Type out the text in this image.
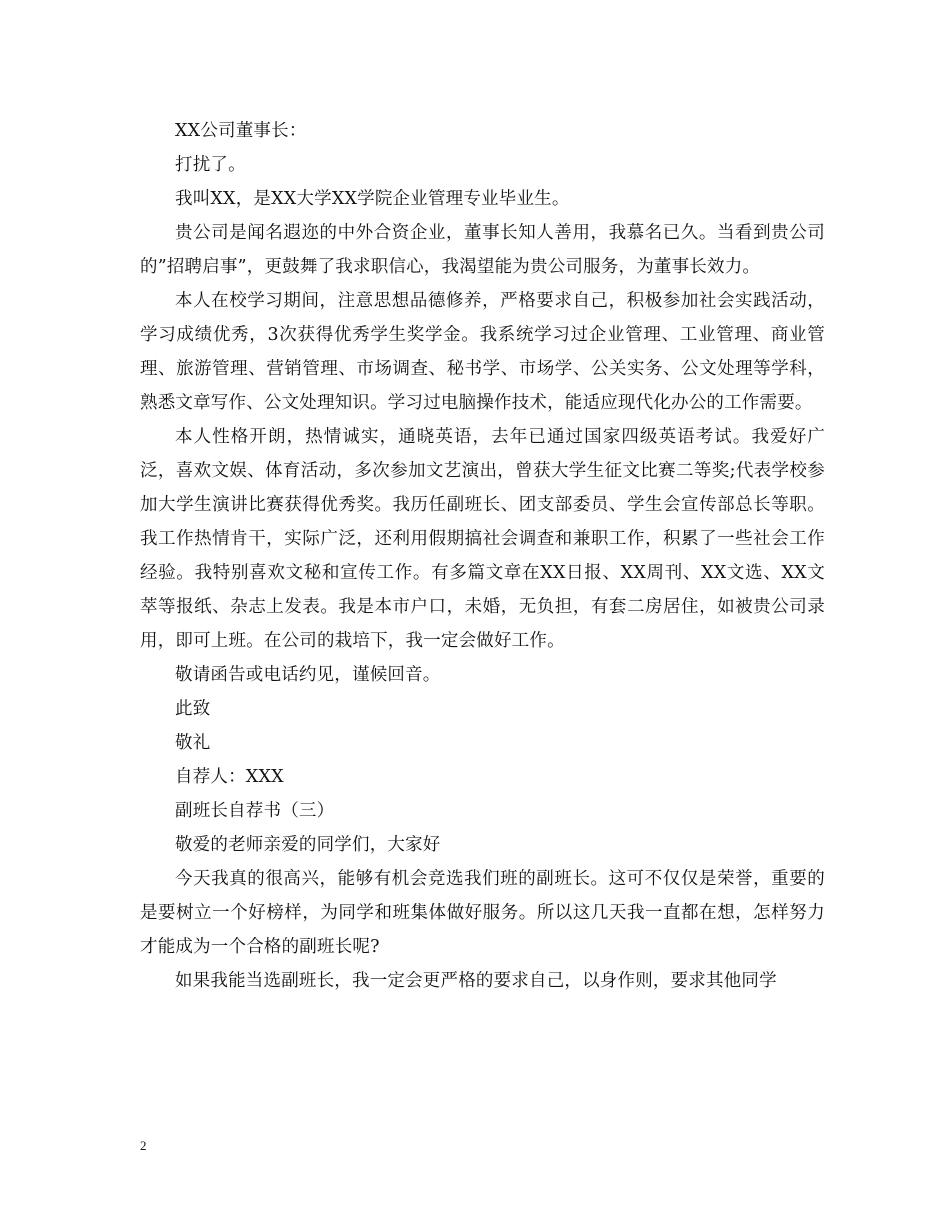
XX公司董事长：

打扰了。

我叫XX，是XX大学XX学院企业管理专业毕业生。

贵公司是闻名遐迩的中外合资企业，董事长知人善用，我慕名已久。当看到贵公司的”招聘启事”，更鼓舞了我求职信心，我渴望能为贵公司服务，为董事长效力。

本人在校学习期间，注意思想品德修养，严格要求自己，积极参加社会实践活动，学习成绩优秀，3次获得优秀学生奖学金。我系统学习过企业管理、工业管理、商业管理、旅游管理、营销管理、市场调查、秘书学、市场学、公关实务、公文处理等学科，熟悉文章写作、公文处理知识。学习过电脑操作技术，能适应现代化办公的工作需要。

本人性格开朗，热情诚实，通晓英语，去年已通过国家四级英语考试。我爱好广泛，喜欢文娱、体育活动，多次参加文艺演出，曾获大学生征文比赛二等奖;代表学校参加大学生演讲比赛获得优秀奖。我历任副班长、团支部委员、学生会宣传部总长等职。我工作热情肯干，实际广泛，还利用假期搞社会调查和兼职工作，积累了一些社会工作经验。我特别喜欢文秘和宣传工作。有多篇文章在XX日报、XX周刊、XX文选、XX文萃等报纸、杂志上发表。我是本市户口，未婚，无负担，有套二房居住，如被贵公司录用，即可上班。在公司的栽培下，我一定会做好工作。

敬请函告或电话约见，谨候回音。

此致

敬礼

自荐人：XXX

副班长自荐书（三）

敬爱的老师亲爱的同学们，大家好

今天我真的很高兴，能够有机会竞选我们班的副班长。这可不仅仅是荣誉，重要的是要树立一个好榜样，为同学和班集体做好服务。所以这几天我一直都在想，怎样努力才能成为一个合格的副班长呢?

如果我能当选副班长，我一定会更严格的要求自己，以身作则，要求其他同学

2
